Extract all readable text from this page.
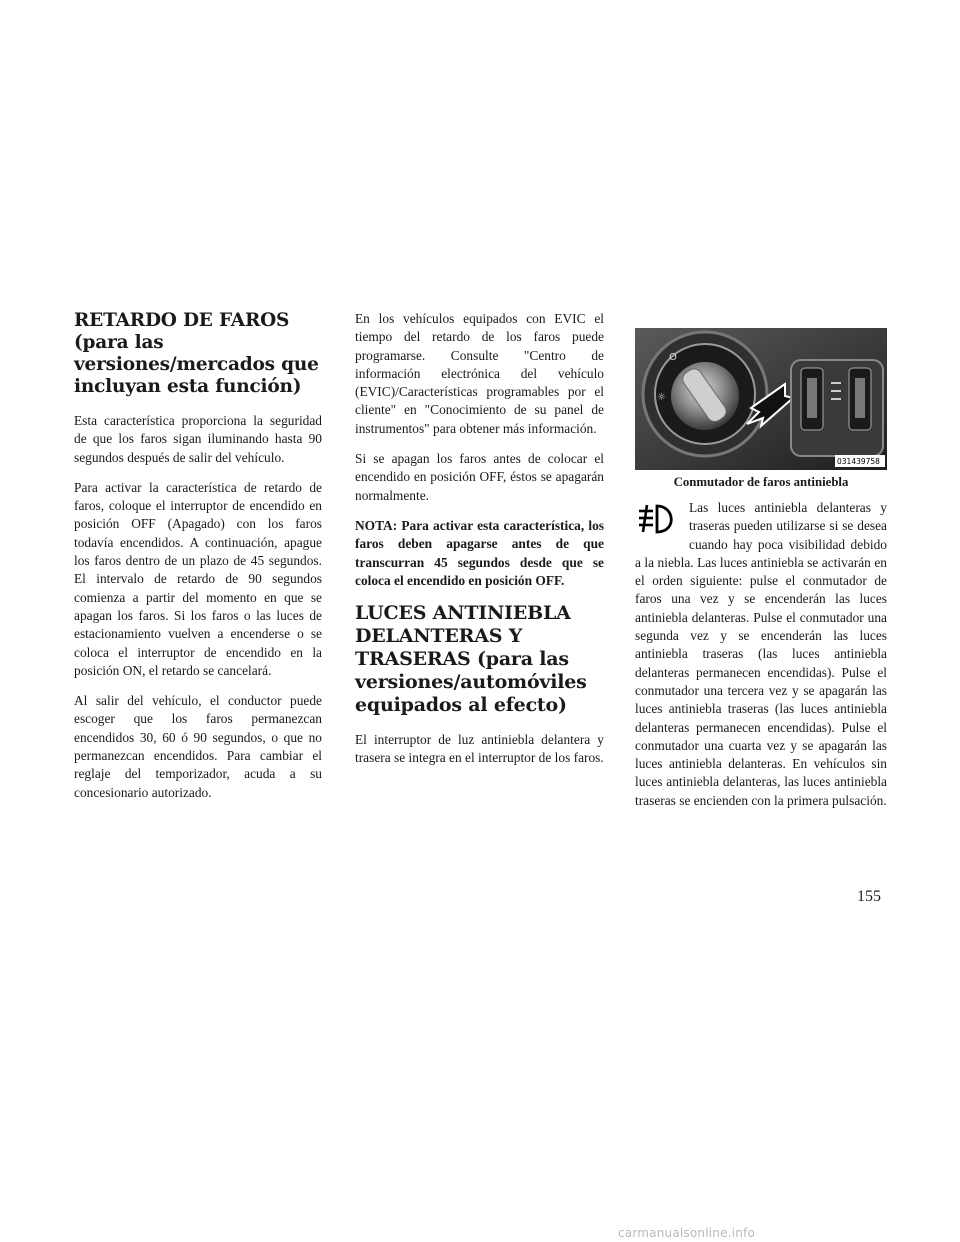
RETARDO DE FAROS (para las versiones/mercados que incluyan esta función)

Esta característica proporciona la seguridad de que los faros sigan iluminando hasta 90 segundos después de salir del vehículo.

Para activar la característica de retardo de faros, coloque el interruptor de encendido en posición OFF (Apagado) con los faros todavía encendidos. A continuación, apague los faros dentro de un plazo de 45 segundos. El intervalo de retardo de 90 segundos comienza a partir del momento en que se apagan los faros. Si los faros o las luces de estacionamiento vuelven a encenderse o se coloca el interruptor de encendido en la posición ON, el retardo se cancelará.

Al salir del vehículo, el conductor puede escoger que los faros permanezcan encendidos 30, 60 ó 90 segundos, o que no permanezcan encendidos. Para cambiar el reglaje del temporizador, acuda a su concesionario autorizado.

En los vehículos equipados con EVIC el tiempo del retardo de los faros puede programarse. Consulte "Centro de información electrónica del vehículo (EVIC)/Características programables por el cliente" en "Conocimiento de su panel de instrumentos" para obtener más información.

Si se apagan los faros antes de colocar el encendido en posición OFF, éstos se apagarán normalmente.

NOTA: Para activar esta característica, los faros deben apagarse antes de que transcurran 45 segundos desde que se coloca el encendido en posición OFF.

LUCES ANTINIEBLA DELANTERAS Y TRASERAS (para las versiones/automóviles equipados al efecto)

El interruptor de luz antiniebla delantera y trasera se integra en el interruptor de los faros.

O
☼
031439758
Conmutador de faros antiniebla

Las luces antiniebla delanteras y traseras pueden utilizarse si se desea cuando hay poca visibilidad debido a la niebla. Las luces antiniebla se activarán en el orden siguiente: pulse el conmutador de faros una vez y se encenderán las luces antiniebla delanteras. Pulse el conmutador una segunda vez y se encenderán las luces antiniebla traseras (las luces antiniebla delanteras permanecen encendidas). Pulse el conmutador una tercera vez y se apagarán las luces antiniebla traseras (las luces antiniebla delanteras permanecen encendidas). Pulse el conmutador una cuarta vez y se apagarán las luces antiniebla delanteras. En vehículos sin luces antiniebla delanteras, las luces antiniebla traseras se encienden con la primera pulsación.

155
carmanualsonline.info
